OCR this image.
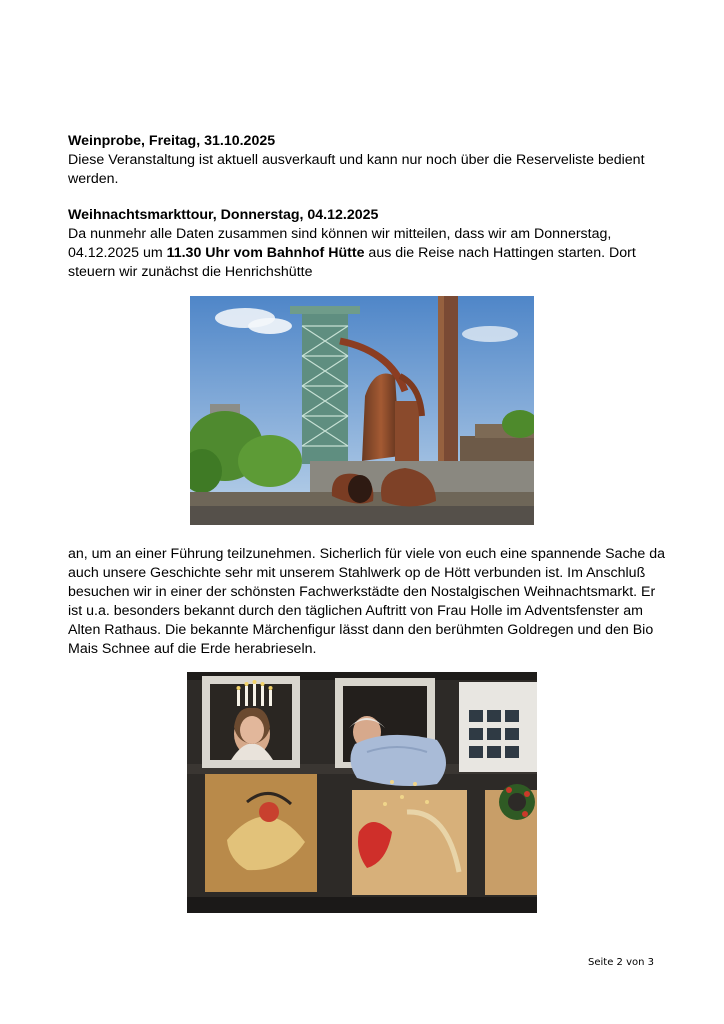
Weinprobe, Freitag, 31.10.2025
Diese Veranstaltung ist aktuell ausverkauft und kann nur noch über die Reserveliste bedient werden.
Weihnachtsmarkttour, Donnerstag, 04.12.2025
Da nunmehr alle Daten zusammen sind können wir mitteilen, dass wir am Donnerstag, 04.12.2025 um 11.30 Uhr vom Bahnhof Hütte aus die Reise nach Hattingen starten. Dort steuern wir zunächst die Henrichshütte
an, um an einer Führung teilzunehmen. Sicherlich für viele von euch eine spannende Sache da auch unsere Geschichte sehr mit unserem Stahlwerk op de Hött verbunden ist. Im Anschluß besuchen wir in einer der schönsten Fachwerkstädte den Nostalgischen Weihnachtsmarkt. Er ist u.a. besonders bekannt durch den täglichen Auftritt von Frau Holle im Adventsfenster am Alten Rathaus. Die bekannte Märchenfigur lässt dann den berühmten Goldregen und den Bio Mais Schnee auf die Erde herabrieseln.
Seite 2 von 3
